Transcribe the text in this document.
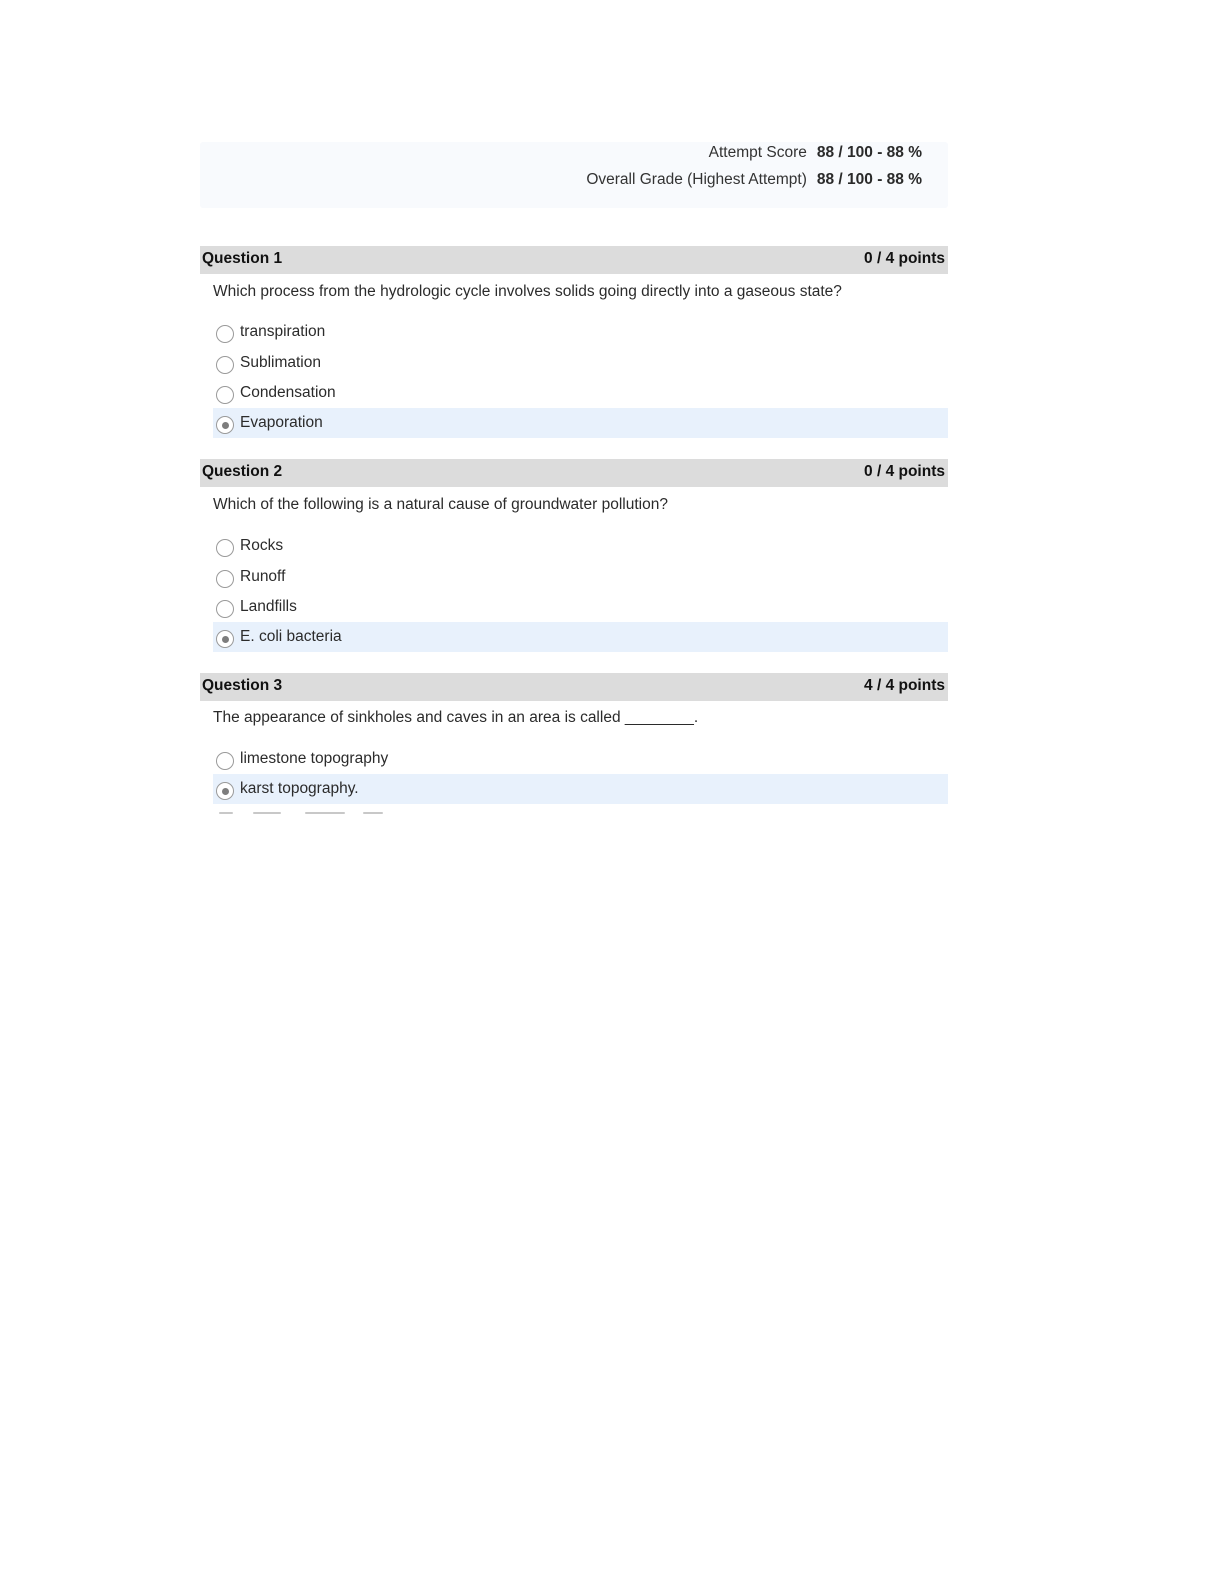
Attempt Score 88 / 100 - 88 %
Overall Grade (Highest Attempt) 88 / 100 - 88 %
Question 1	0 / 4 points
Which process from the hydrologic cycle involves solids going directly into a gaseous state?
transpiration
Sublimation
Condensation
Evaporation
Question 2	0 / 4 points
Which of the following is a natural cause of groundwater pollution?
Rocks
Runoff
Landfills
E. coli bacteria
Question 3	4 / 4 points
The appearance of sinkholes and caves in an area is called ________.
limestone topography
karst topography.
